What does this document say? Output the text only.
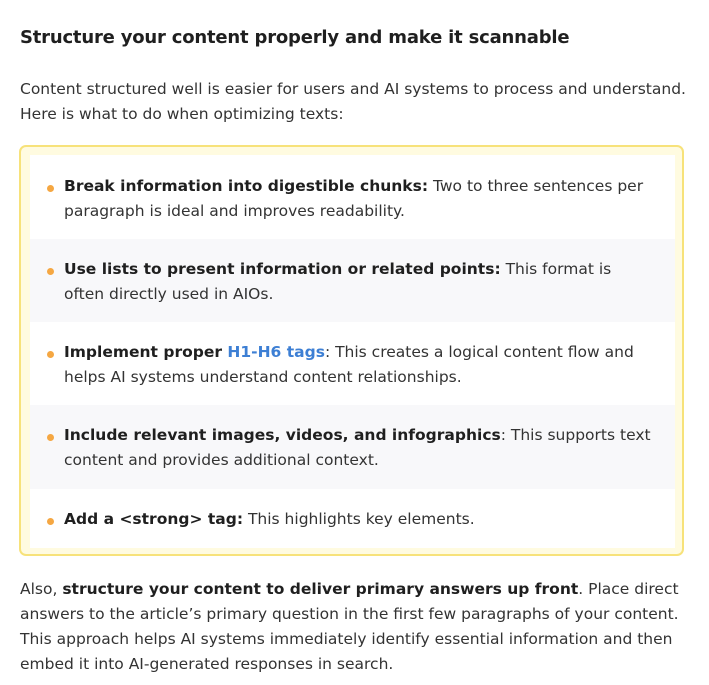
Structure your content properly and make it scannable

Content structured well is easier for users and AI systems to process and understand. Here is what to do when optimizing texts:

Break information into digestible chunks: Two to three sentences per paragraph is ideal and improves readability.
Use lists to present information or related points: This format is often directly used in AIOs.
Implement proper H1-H6 tags: This creates a logical content flow and helps AI systems understand content relationships.
Include relevant images, videos, and infographics: This supports text content and provides additional context.
Add a <strong> tag: This highlights key elements.

Also, structure your content to deliver primary answers up front. Place direct answers to the article’s primary question in the first few paragraphs of your content. This approach helps AI systems immediately identify essential information and then embed it into AI-generated responses in search.
